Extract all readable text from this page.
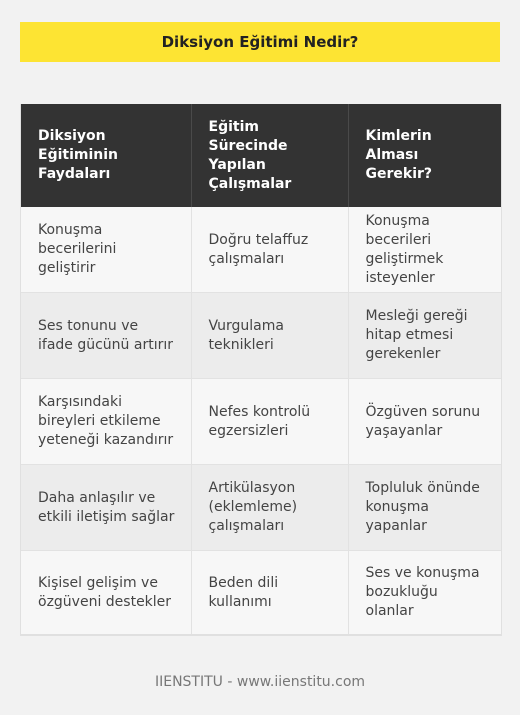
Diksiyon Eğitimi Nedir?
Diksiyon Eğitiminin Faydaları	Eğitim Sürecinde Yapılan Çalışmalar	Kimlerin Alması Gerekir?
Konuşma becerilerini geliştirir	Doğru telaffuz çalışmaları	Konuşma becerileri geliştirmek isteyenler
Ses tonunu ve ifade gücünü artırır	Vurgulama teknikleri	Mesleği gereği hitap etmesi gerekenler
Karşısındaki bireyleri etkileme yeteneği kazandırır	Nefes kontrolü egzersizleri	Özgüven sorunu yaşayanlar
Daha anlaşılır ve etkili iletişim sağlar	Artikülasyon (eklemleme) çalışmaları	Topluluk önünde konuşma yapanlar
Kişisel gelişim ve özgüveni destekler	Beden dili kullanımı	Ses ve konuşma bozukluğu olanlar
IIENSTITU - www.iienstitu.com
